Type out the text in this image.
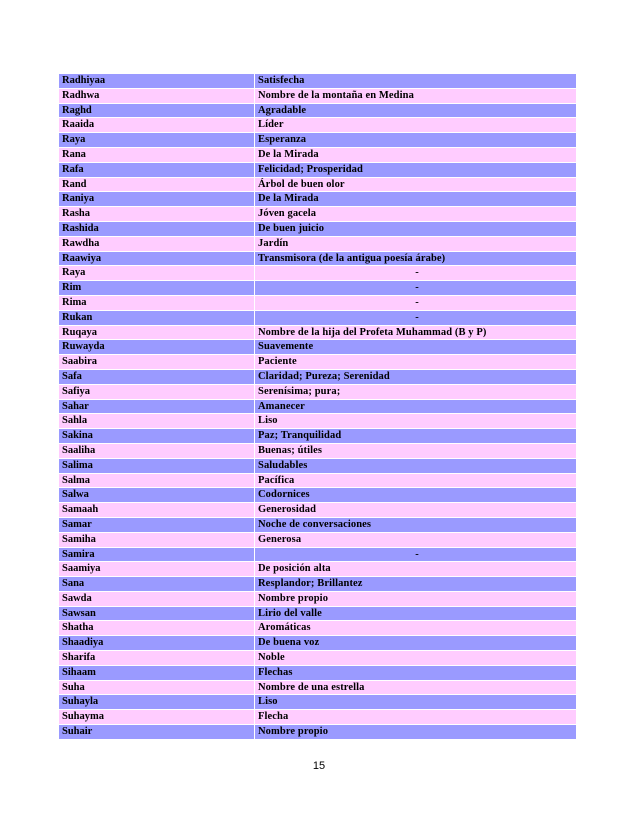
Radhiyaa	Satisfecha
Radhwa	Nombre de la montaña en Medina
Raghd	Agradable
Raaida	Líder
Raya	Esperanza
Rana	De la Mirada
Rafa	Felicidad; Prosperidad
Rand	Árbol de buen olor
Raniya	De la Mirada
Rasha	Jóven gacela
Rashida	De buen juicio
Rawdha	Jardín
Raawiya	Transmisora (de la antigua poesía árabe)
Raya	-
Rim	-
Rima	-
Rukan	-
Ruqaya	Nombre de la hija del Profeta Muhammad (B y P)
Ruwayda	Suavemente
Saabira	Paciente
Safa	Claridad; Pureza; Serenidad
Safiya	Serenísima; pura;
Sahar	Amanecer
Sahla	Liso
Sakina	Paz; Tranquilidad
Saaliha	Buenas; útiles
Salima	Saludables
Salma	Pacífica
Salwa	Codornices
Samaah	Generosidad
Samar	Noche de conversaciones
Samiha	Generosa
Samira	-
Saamiya	De posición alta
Sana	Resplandor; Brillantez
Sawda	Nombre propio
Sawsan	Lirio del valle
Shatha	Aromáticas
Shaadiya	De buena voz
Sharifa	Noble
Sihaam	Flechas
Suha	Nombre de una estrella
Suhayla	Liso
Suhayma	Flecha
Suhair	Nombre propio
15
